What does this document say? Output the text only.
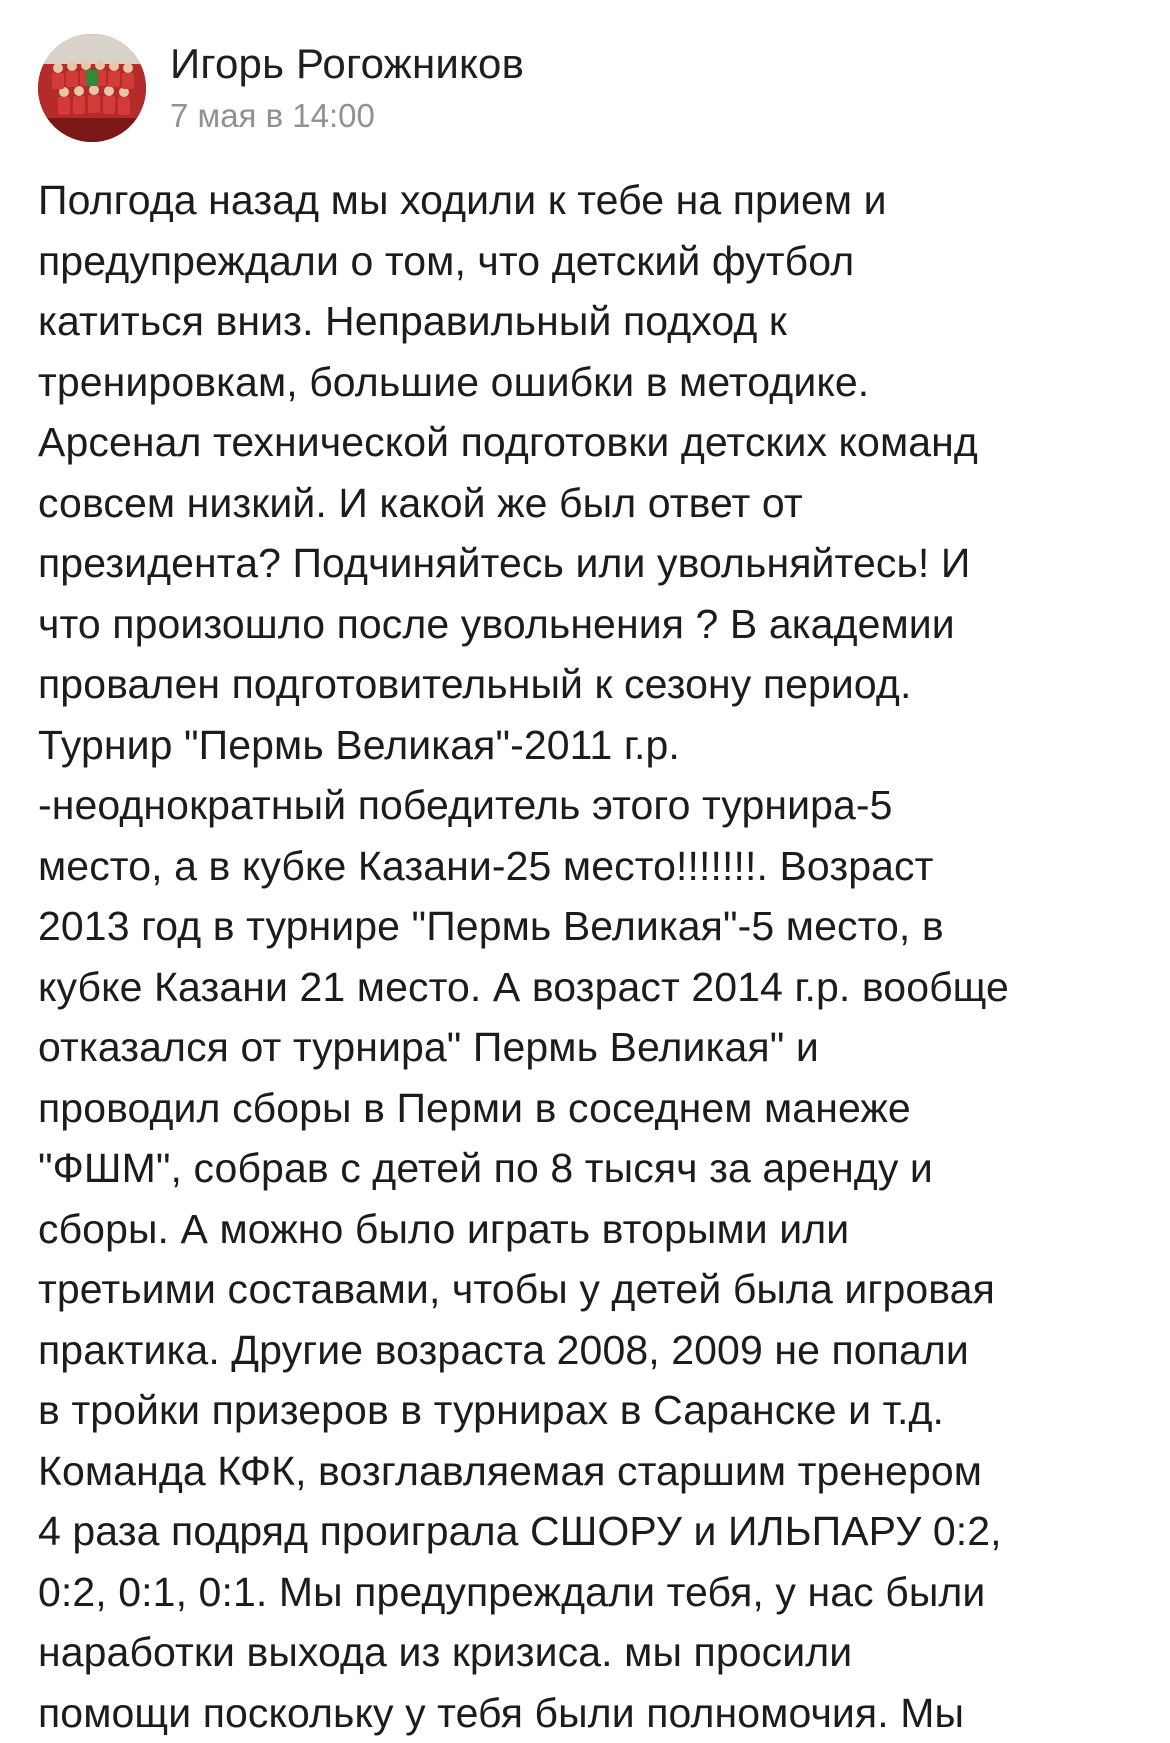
Игорь Рогожников
7 мая в 14:00
Полгода назад мы ходили к тебе на прием и
предупреждали о том, что детский футбол
катиться вниз. Неправильный подход к
тренировкам, большие ошибки в методике.
Арсенал технической подготовки детских команд
совсем низкий. И какой же был ответ от
президента? Подчиняйтесь или увольняйтесь! И
что произошло после увольнения ? В академии
провален подготовительный к сезону период.
Турнир "Пермь Великая"-2011 г.р.
-неоднократный победитель этого турнира-5
место, а в кубке Казани-25 место!!!!!!!. Возраст
2013 год в турнире "Пермь Великая"-5 место, в
кубке Казани 21 место. А возраст 2014 г.р. вообще
отказался от турнира" Пермь Великая" и
проводил сборы в Перми в соседнем манеже
"ФШМ", собрав с детей по 8 тысяч за аренду и
сборы. А можно было играть вторыми или
третьими составами, чтобы у детей была игровая
практика. Другие возраста 2008, 2009 не попали
в тройки призеров в турнирах в Саранске и т.д.
Команда КФК, возглавляемая старшим тренером
4 раза подряд проиграла СШОРУ и ИЛЬПАРУ 0:2,
0:2, 0:1, 0:1. Мы предупреждали тебя, у нас были
наработки выхода из кризиса. мы просили
помощи поскольку у тебя были полномочия. Мы
